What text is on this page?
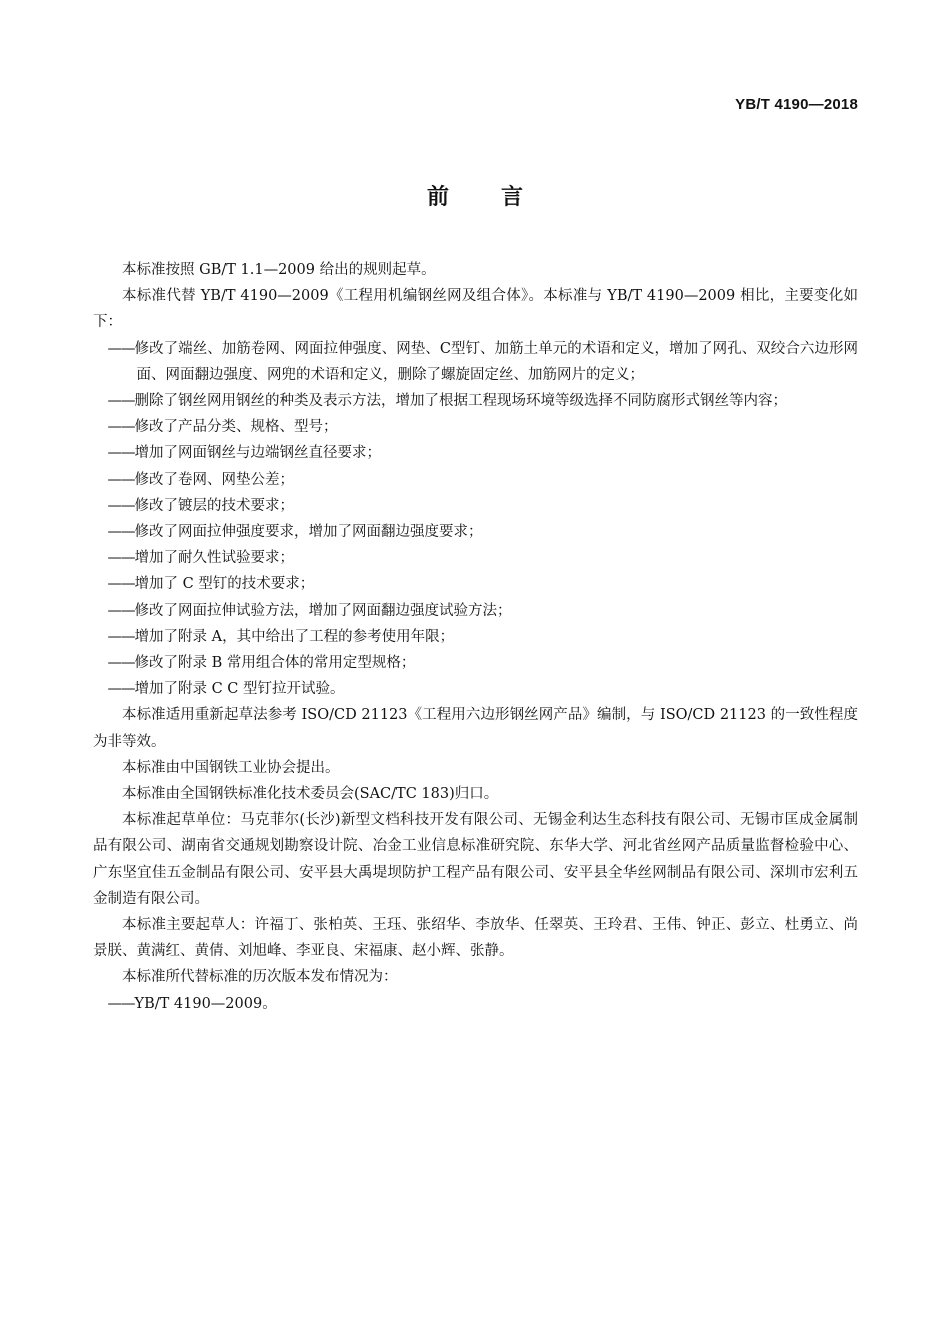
YB/T 4190—2018
前言

本标准按照 GB/T 1.1—2009 给出的规则起草。

本标准代替 YB/T 4190—2009《工程用机编钢丝网及组合体》。本标准与 YB/T 4190—2009 相比，主要变化如下：

——修改了端丝、加筋卷网、网面拉伸强度、网垫、C型钉、加筋土单元的术语和定义，增加了网孔、双绞合六边形网面、网面翻边强度、网兜的术语和定义，删除了螺旋固定丝、加筋网片的定义；

——删除了钢丝网用钢丝的种类及表示方法，增加了根据工程现场环境等级选择不同防腐形式钢丝等内容；

——修改了产品分类、规格、型号；

——增加了网面钢丝与边端钢丝直径要求；

——修改了卷网、网垫公差；

——修改了镀层的技术要求；

——修改了网面拉伸强度要求，增加了网面翻边强度要求；

——增加了耐久性试验要求；

——增加了 C 型钉的技术要求；

——修改了网面拉伸试验方法，增加了网面翻边强度试验方法；

——增加了附录 A，其中给出了工程的参考使用年限；

——修改了附录 B 常用组合体的常用定型规格；

——增加了附录 C C 型钉拉开试验。

本标准适用重新起草法参考 ISO/CD 21123《工程用六边形钢丝网产品》编制，与 ISO/CD 21123 的一致性程度为非等效。

本标准由中国钢铁工业协会提出。

本标准由全国钢铁标准化技术委员会(SAC/TC 183)归口。

本标准起草单位：马克菲尔(长沙)新型文档科技开发有限公司、无锡金利达生态科技有限公司、无锡市匡成金属制品有限公司、湖南省交通规划勘察设计院、冶金工业信息标准研究院、东华大学、河北省丝网产品质量监督检验中心、广东坚宜佳五金制品有限公司、安平县大禹堤坝防护工程产品有限公司、安平县全华丝网制品有限公司、深圳市宏利五金制造有限公司。

本标准主要起草人：许福丁、张柏英、王珏、张绍华、李放华、任翠英、王玲君、王伟、钟正、彭立、杜勇立、尚景朕、黄满红、黄倩、刘旭峰、李亚良、宋福康、赵小辉、张静。

本标准所代替标准的历次版本发布情况为：

——YB/T 4190—2009。
